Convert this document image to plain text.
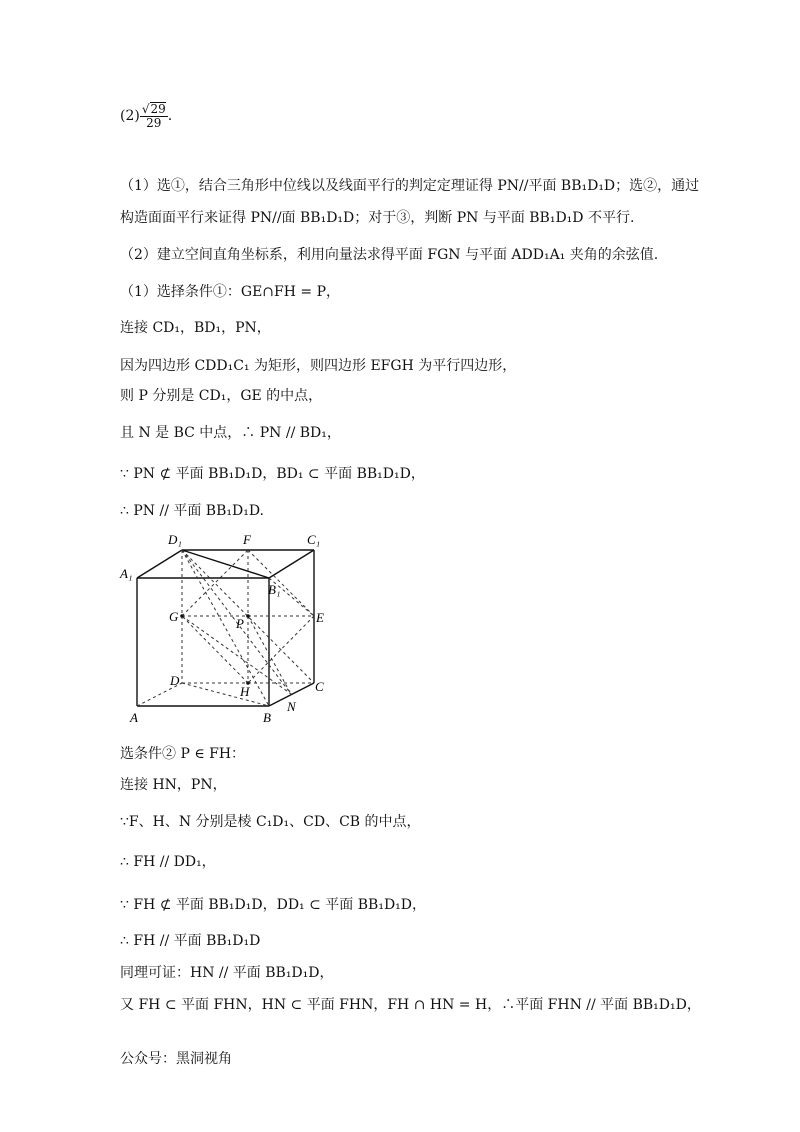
$(2) \frac{√29}{29}$ .
（1）选①，结合三角形中位线以及线面平行的判定定理证得 PN//平面 BB₁D₁D；选②，通过
构造面面平行来证得 PN//面 BB₁D₁D；对于③，判断 PN 与平面 BB₁D₁D 不平行.
（2）建立空间直角坐标系，利用向量法求得平面 FGN 与平面 ADD₁A₁ 夹角的余弦值.
（1）选择条件①：GE∩FH = P，
连接 CD₁，BD₁，PN，
因为四边形 CDD₁C₁ 为矩形，则四边形 EFGH 为平行四边形，
则 P 分别是 CD₁，GE 的中点，
且 N 是 BC 中点，∴ PN // BD₁，
∵ PN ⊄ 平面 BB₁D₁D，BD₁ ⊂ 平面 BB₁D₁D，
∴ PN // 平面 BB₁D₁D.
D₁	F	C₁
A₁
B₁
G	P	E
D
H	C
A	B
N
选条件② P ∈ FH：
连接 HN，PN，
∵F、H、N 分别是棱 C₁D₁、CD、CB 的中点，
∴ FH // DD₁，
∵ FH ⊄ 平面 BB₁D₁D，DD₁ ⊂ 平面 BB₁D₁D，
∴ FH // 平面 BB₁D₁D
同理可证：HN // 平面 BB₁D₁D，
又 FH ⊂ 平面 FHN，HN ⊂ 平面 FHN，FH ∩ HN = H，∴平面 FHN // 平面 BB₁D₁D，
公众号：黑洞视角
